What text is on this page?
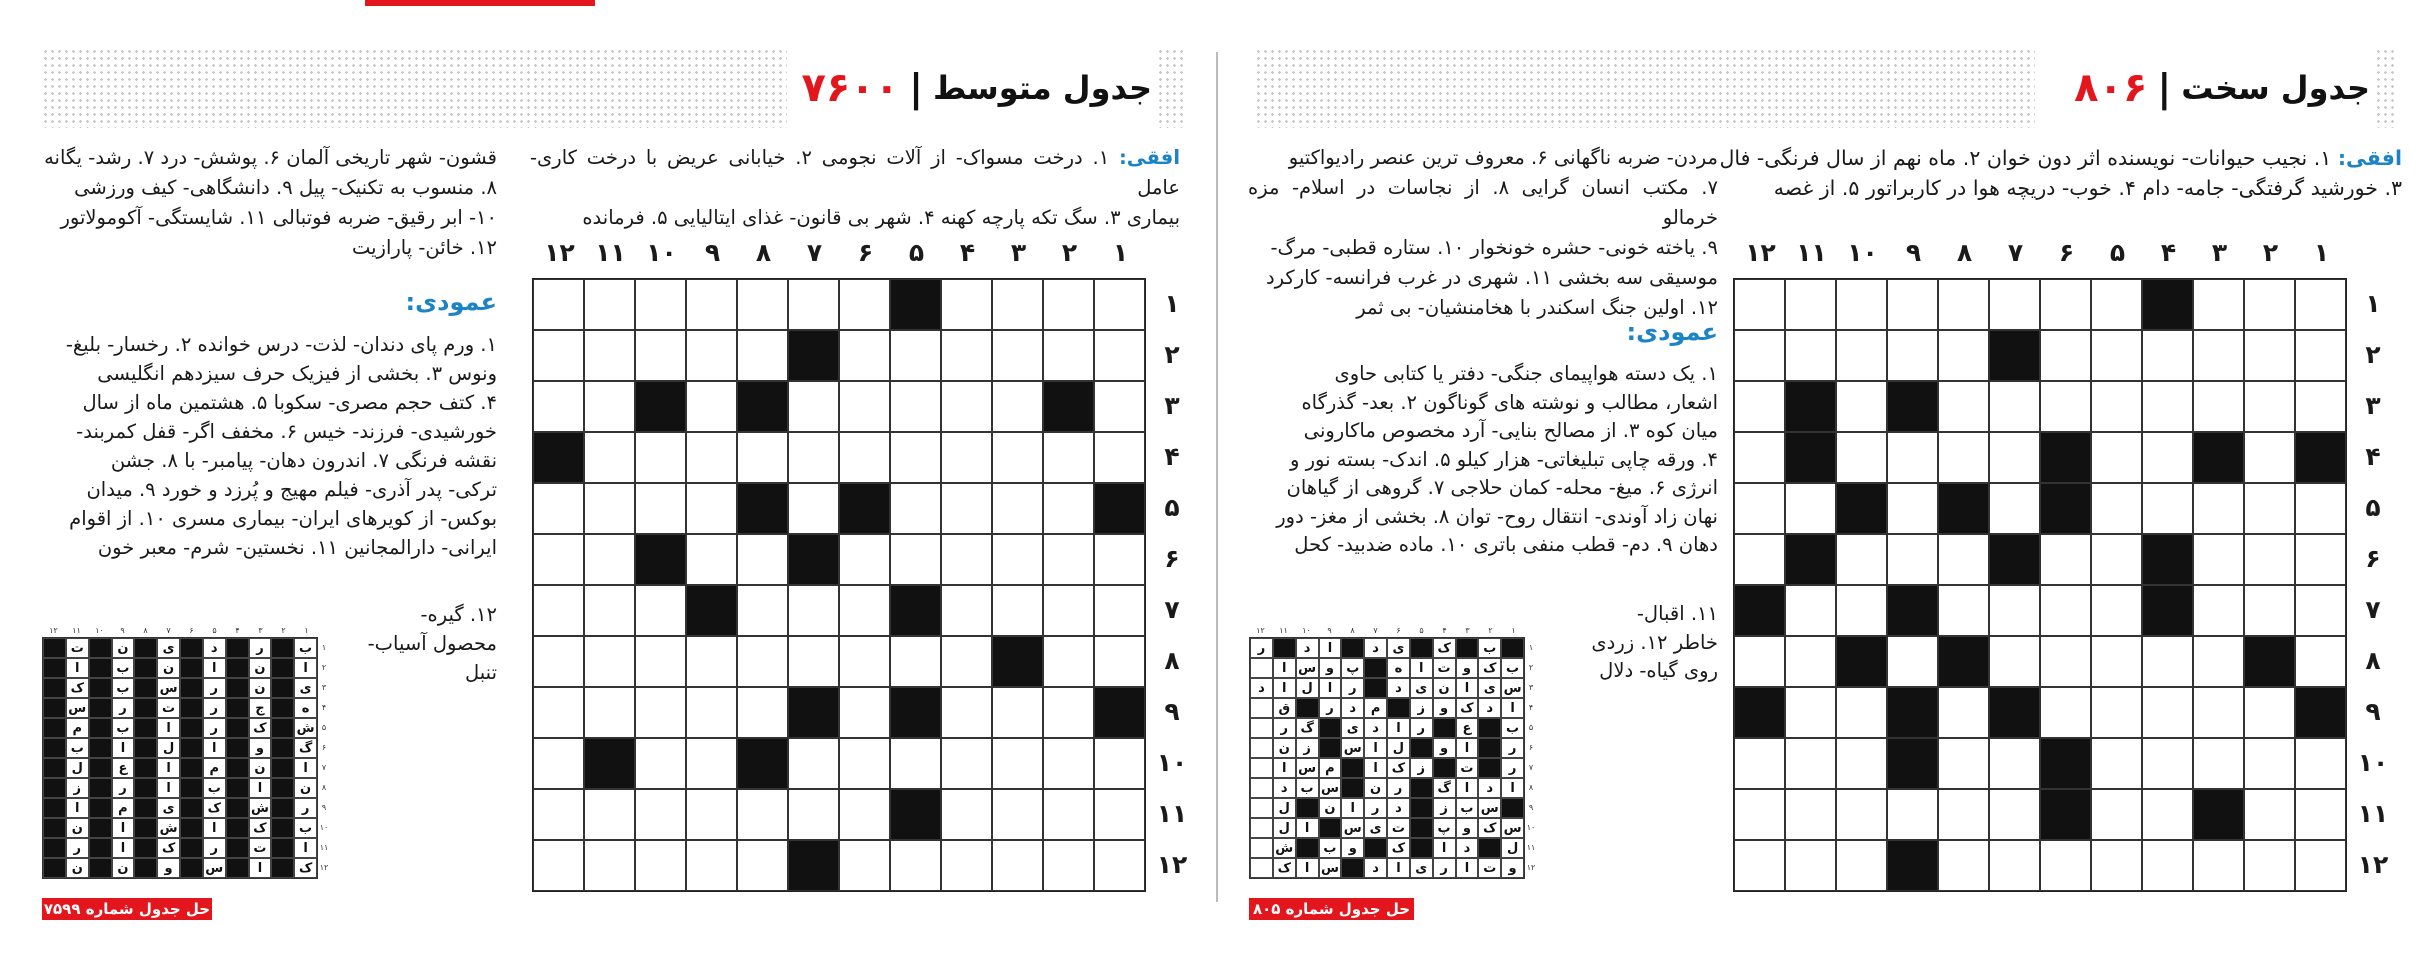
جدول سخت
|
۸۰۶
افقی: ۱. نجیب حیوانات- نویسنده اثر دون خوان ۲. ماه نهم از سال فرنگی- فال
۳. خورشید گرفتگی- جامه- دام ۴. خوب- دریچه هوا در کاربراتور ۵. از غصه
مردن- ضربه ناگهانی ۶. معروف ترین عنصر رادیواکتیو
۷. مکتب انسان گرایی ۸. از نجاسات در اسلام- مزه خرمالو
۹. یاخته خونی- حشره خونخوار ۱۰. ستاره قطبی- مرگ-
موسیقی سه بخشی ۱۱. شهری در غرب فرانسه- کارکرد
۱۲. اولین جنگ اسکندر با هخامنشیان- بی ثمر
عمودی:
۱. یک دسته هواپیمای جنگی- دفتر یا کتابی حاوی
اشعار، مطالب و نوشته های گوناگون ۲. بعد- گذرگاه
میان کوه ۳. از مصالح بنایی- آرد مخصوص ماکارونی
۴. ورقه چاپی تبلیغاتی- هزار کیلو ۵. اندک- بسته نور و
انرژی ۶. میغ- محله- کمان حلاجی ۷. گروهی از گیاهان
نهان زاد آوندی- انتقال روح- توان ۸. بخشی از مغز- دور
دهان ۹. دم- قطب منفی باتری ۱۰. ماده ضدبید- کحل
۱۱. اقبال-
خاطر ۱۲. زردی
روی گیاه- دلال
۱
۲
۳
۴
۵
۶
۷
۸
۹
۱۰
۱۱
۱۲
۱
۲
۳
۴
۵
۶
۷
۸
۹
۱۰
۱۱
۱۲
۱
۲
۳
۴
۵
۶
۷
۸
۹
۱۰
۱۱
۱۲
۱
۲
۳
۴
۵
۶
۷
۸
۹
۱۰
۱۱
۱۲
ب
ک
ی
د
ا
د
ر
ب
ک
و
ت
ا
ه
پ
و
س
ا
س
ی
ا
ن
ی
د
ر
ا
ل
ا
د
ا
د
ک
و
ز
م
د
ر
ق
ب
ع
ر
ا
د
ی
گ
ر
ر
ا
و
ل
ا
س
ز
ن
ر
ت
ز
ک
ا
م
س
ا
ا
د
ا
گ
ر
ن
س
ب
د
س
ب
ز
د
ر
ا
ن
ل
س
ک
و
پ
ت
ی
س
ا
ل
ل
د
ا
ک
و
ب
ش
و
ت
ا
ر
ی
ا
د
س
ا
ک
حل جدول شماره ۸۰۵
جدول متوسط
|
۷۶۰۰
افقی: ۱. درخت مسواک- از آلات نجومی ۲. خیابانی عریض با درخت کاری- عامل
بیماری ۳. سگ تکه پارچه کهنه ۴. شهر بی قانون- غذای ایتالیایی ۵. فرمانده
قشون- شهر تاریخی آلمان ۶. پوشش- درد ۷. رشد- یگانه
۸. منسوب به تکنیک- پیل ۹. دانشگاهی- کیف ورزشی
۱۰- ابر رقیق- ضربه فوتبالی ۱۱. شایستگی- آکومولاتور
۱۲. خائن- پارازیت
عمودی:
۱. ورم پای دندان- لذت- درس خوانده ۲. رخسار- بلیغ-
ونوس ۳. بخشی از فیزیک حرف سیزدهم انگلیسی
۴. کتف حجم مصری- سکوبا ۵. هشتمین ماه از سال
خورشیدی- فرزند- خیس ۶. مخفف اگر- قفل کمربند-
نقشه فرنگی ۷. اندرون دهان- پیامبر- با ۸. جشن
ترکی- پدر آذری- فیلم مهیج و پُرزد و خورد ۹. میدان
بوکس- از کویرهای ایران- بیماری مسری ۱۰. از اقوام
ایرانی- دارالمجانین ۱۱. نخستین- شرم- معبر خون
۱۲. گیره-
محصول آسیاب-
تنبل
۱
۲
۳
۴
۵
۶
۷
۸
۹
۱۰
۱۱
۱۲
۱
۲
۳
۴
۵
۶
۷
۸
۹
۱۰
۱۱
۱۲
۱
۲
۳
۴
۵
۶
۷
۸
۹
۱۰
۱۱
۱۲
۱
۲
۳
۴
۵
۶
۷
۸
۹
۱۰
۱۱
۱۲
ب
ر
د
ی
ن
ت
ا
ن
ا
ن
ب
ا
ی
ن
ر
س
ب
ک
ه
ج
ر
ت
ر
س
ش
ک
ر
ا
ب
م
گ
و
ا
ل
ا
ب
ا
ن
م
ا
ع
ل
ن
ا
ب
ا
ر
ز
ر
ش
ک
ی
م
ا
ب
ک
ا
ش
ا
ن
ا
ت
ر
ک
ا
ر
ک
ا
س
و
ن
ن
حل جدول شماره ۷۵۹۹
